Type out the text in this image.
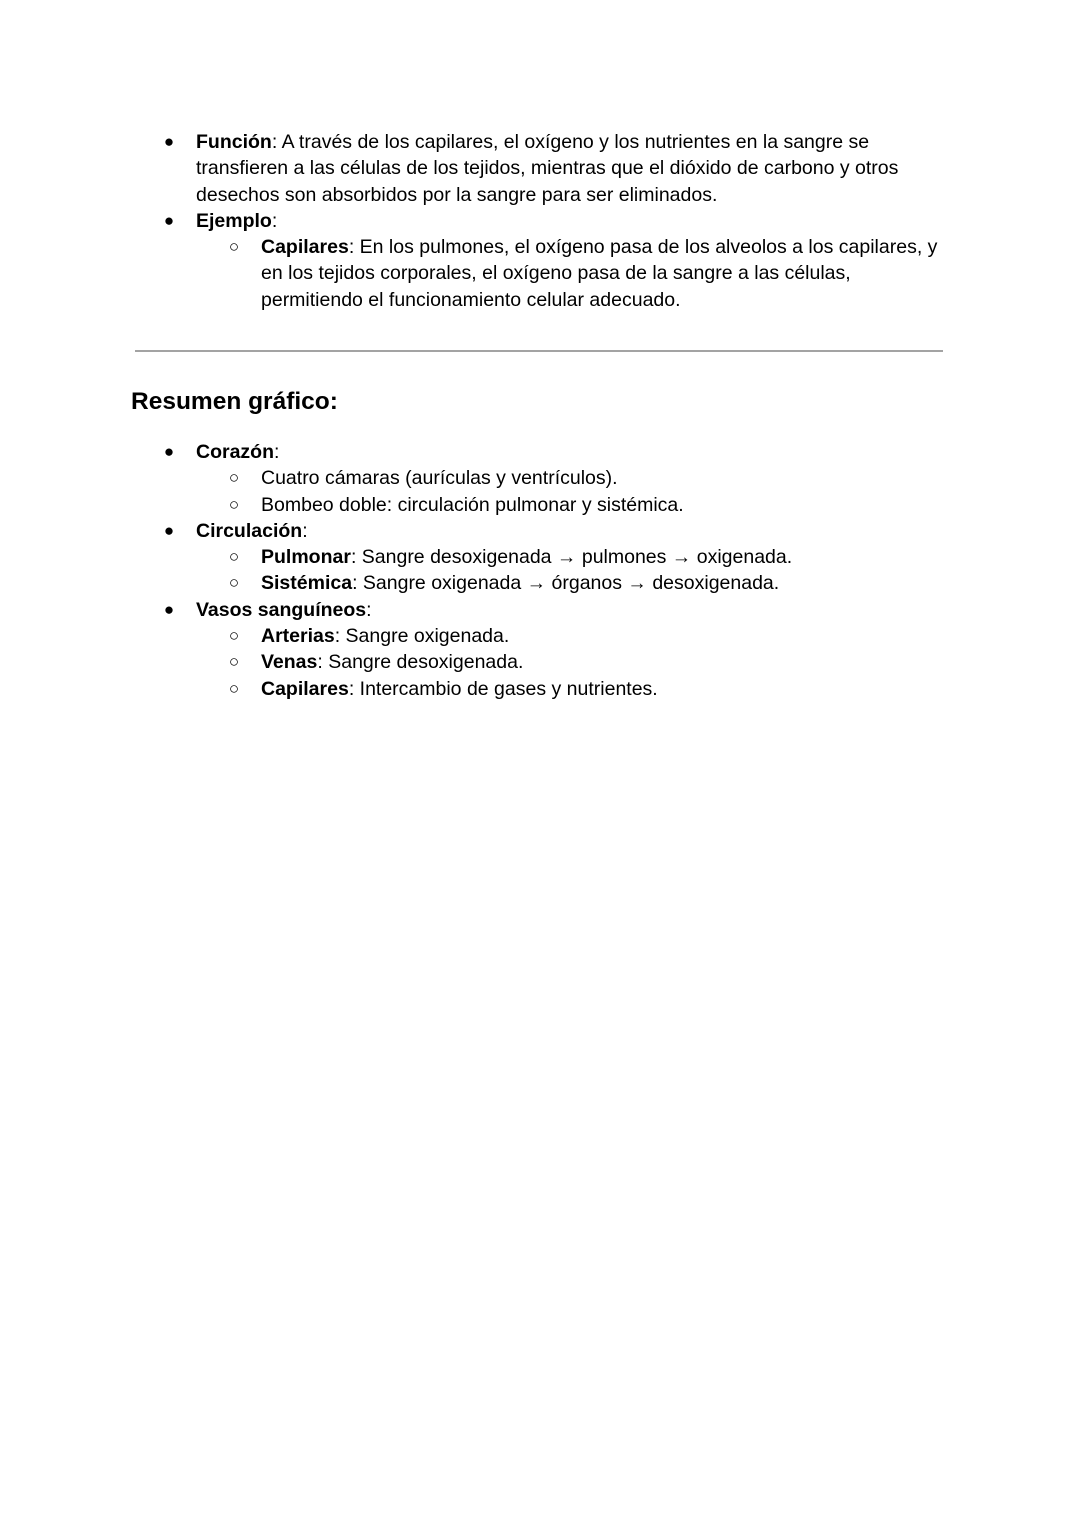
● Función: A través de los capilares, el oxígeno y los nutrientes en la sangre se transfieren a las células de los tejidos, mientras que el dióxido de carbono y otros desechos son absorbidos por la sangre para ser eliminados.
● Ejemplo:
○ Capilares: En los pulmones, el oxígeno pasa de los alveolos a los capilares, y en los tejidos corporales, el oxígeno pasa de la sangre a las células, permitiendo el funcionamiento celular adecuado.
Resumen gráfico:
● Corazón:
○ Cuatro cámaras (aurículas y ventrículos).
○ Bombeo doble: circulación pulmonar y sistémica.
● Circulación:
○ Pulmonar: Sangre desoxigenada → pulmones → oxigenada.
○ Sistémica: Sangre oxigenada → órganos → desoxigenada.
● Vasos sanguíneos:
○ Arterias: Sangre oxigenada.
○ Venas: Sangre desoxigenada.
○ Capilares: Intercambio de gases y nutrientes.
